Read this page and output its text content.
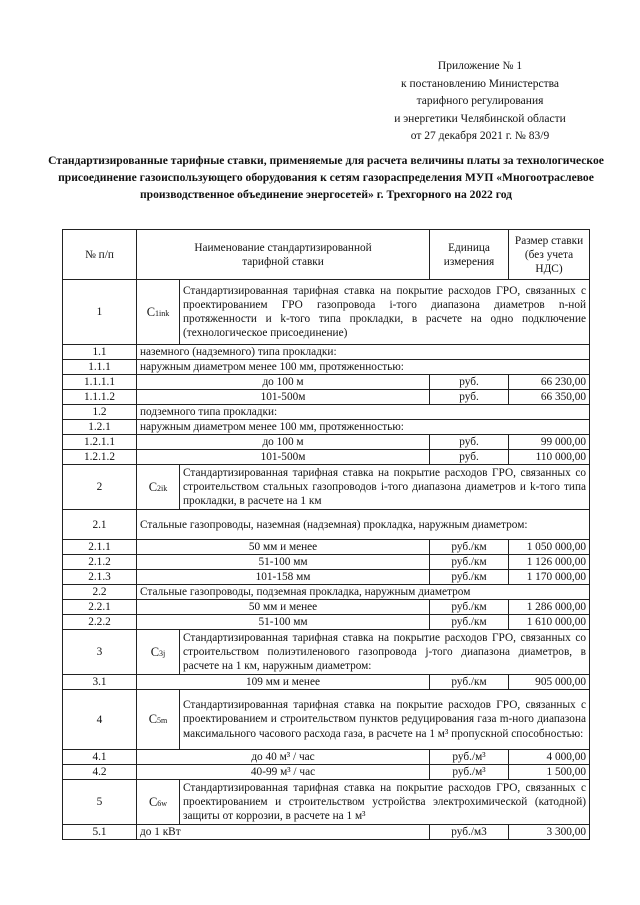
Приложение № 1
к постановлению Министерства
тарифного регулирования
и энергетики Челябинской области
от 27 декабря 2021 г. № 83/9
Стандартизированные тарифные ставки, применяемые для расчета величины платы за технологическое присоединение газоиспользующего оборудования к сетям газораспределения МУП «Многоотраслевое производственное объединение энергосетей» г. Трехгорного на 2022 год
№ п/п	Наименование стандартизированной тарифной ставки		Единица измерения	Размер ставки (без учета НДС)
1	C1ink	Стандартизированная тарифная ставка на покрытие расходов ГРО, связанных с проектированием ГРО газопровода i-того диапазона диаметров n-ной протяженности и k-того типа прокладки, в расчете на одно подключение (технологическое присоединение)		
1.1	наземного (надземного) типа прокладки:			
1.1.1	наружным диаметром менее 100 мм, протяженностью:			
1.1.1.1	до 100 м		руб.	66 230,00
1.1.1.2	101-500м		руб.	66 350,00
1.2	подземного типа прокладки:			
1.2.1	наружным диаметром менее 100 мм, протяженностью:			
1.2.1.1	до 100 м		руб.	99 000,00
1.2.1.2	101-500м		руб.	110 000,00
2	C2ik	Стандартизированная тарифная ставка на покрытие расходов ГРО, связанных со строительством стальных газопроводов i-того диапазона диаметров и k-того типа прокладки, в расчете на 1 км		
2.1	Стальные газопроводы, наземная (надземная) прокладка, наружным диаметром:			
2.1.1	50 мм и менее		руб./км	1 050 000,00
2.1.2	51-100 мм		руб./км	1 126 000,00
2.1.3	101-158 мм		руб./км	1 170 000,00
2.2	Стальные газопроводы, подземная прокладка, наружным диаметром			
2.2.1	50 мм и менее		руб./км	1 286 000,00
2.2.2	51-100 мм		руб./км	1 610 000,00
3	C3j	Стандартизированная тарифная ставка на покрытие расходов ГРО, связанных со строительством полиэтиленового газопровода j-того диапазона диаметров, в расчете на 1 км, наружным диаметром:		
3.1	109 мм и менее		руб./км	905 000,00
4	C5m	Стандартизированная тарифная ставка на покрытие расходов ГРО, связанных с проектированием и строительством пунктов редуцирования газа m-ного диапазона максимального часового расхода газа, в расчете на 1 м³ пропускной способностью:		
4.1	до 40 м³ / час		руб./м³	4 000,00
4.2	40-99 м³ / час		руб./м³	1 500,00
5	C6w	Стандартизированная тарифная ставка на покрытие расходов ГРО, связанных с проектированием и строительством устройства электрохимической (катодной) защиты от коррозии, в расчете на 1 м³		
5.1	до 1 кВт		руб./м3	3 300,00
